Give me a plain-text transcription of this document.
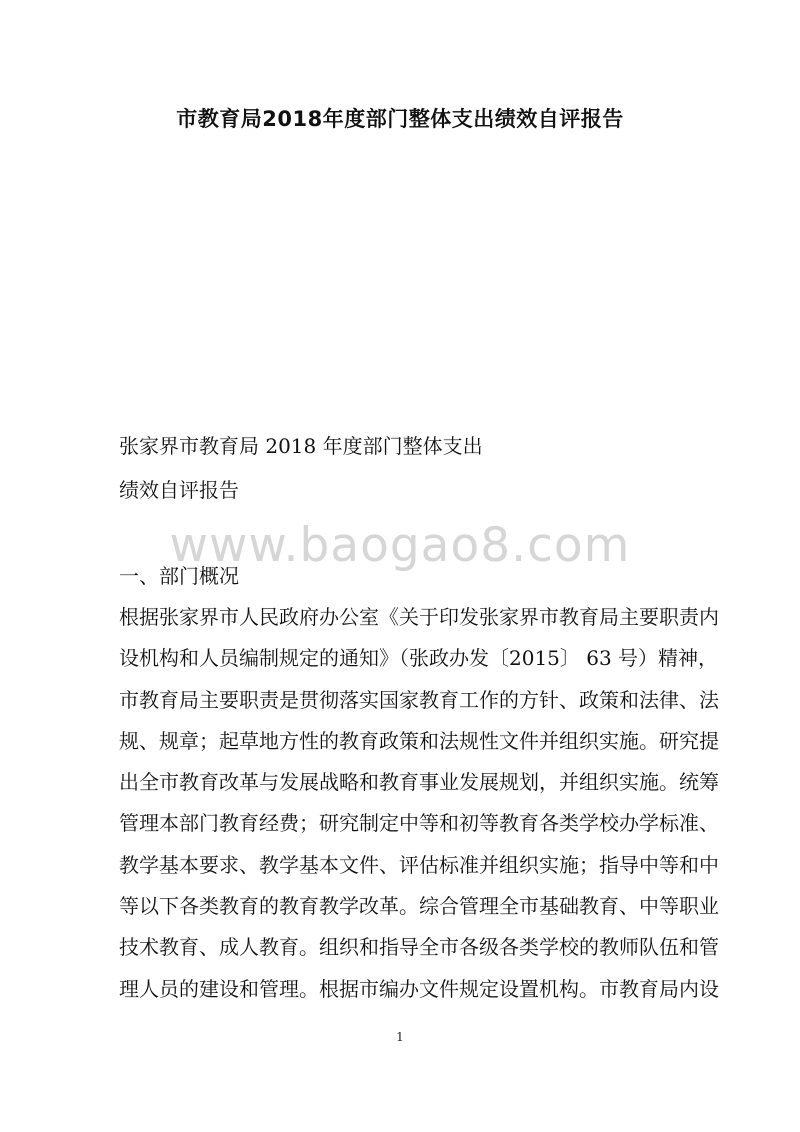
市教育局2018年度部门整体支出绩效自评报告
张家界市教育局 2018 年度部门整体支出
绩效自评报告
www.baogao8.com
一、部门概况
根据张家界市人民政府办公室《关于印发张家界市教育局主要职责内
设机构和人员编制规定的通知》（张政办发〔2015〕 63 号）精神，
市教育局主要职责是贯彻落实国家教育工作的方针、政策和法律、法
规、规章；起草地方性的教育政策和法规性文件并组织实施。研究提
出全市教育改革与发展战略和教育事业发展规划，并组织实施。统筹
管理本部门教育经费；研究制定中等和初等教育各类学校办学标准、
教学基本要求、教学基本文件、评估标准并组织实施；指导中等和中
等以下各类教育的教育教学改革。综合管理全市基础教育、中等职业
技术教育、成人教育。组织和指导全市各级各类学校的教师队伍和管
理人员的建设和管理。根据市编办文件规定设置机构。市教育局内设
1
